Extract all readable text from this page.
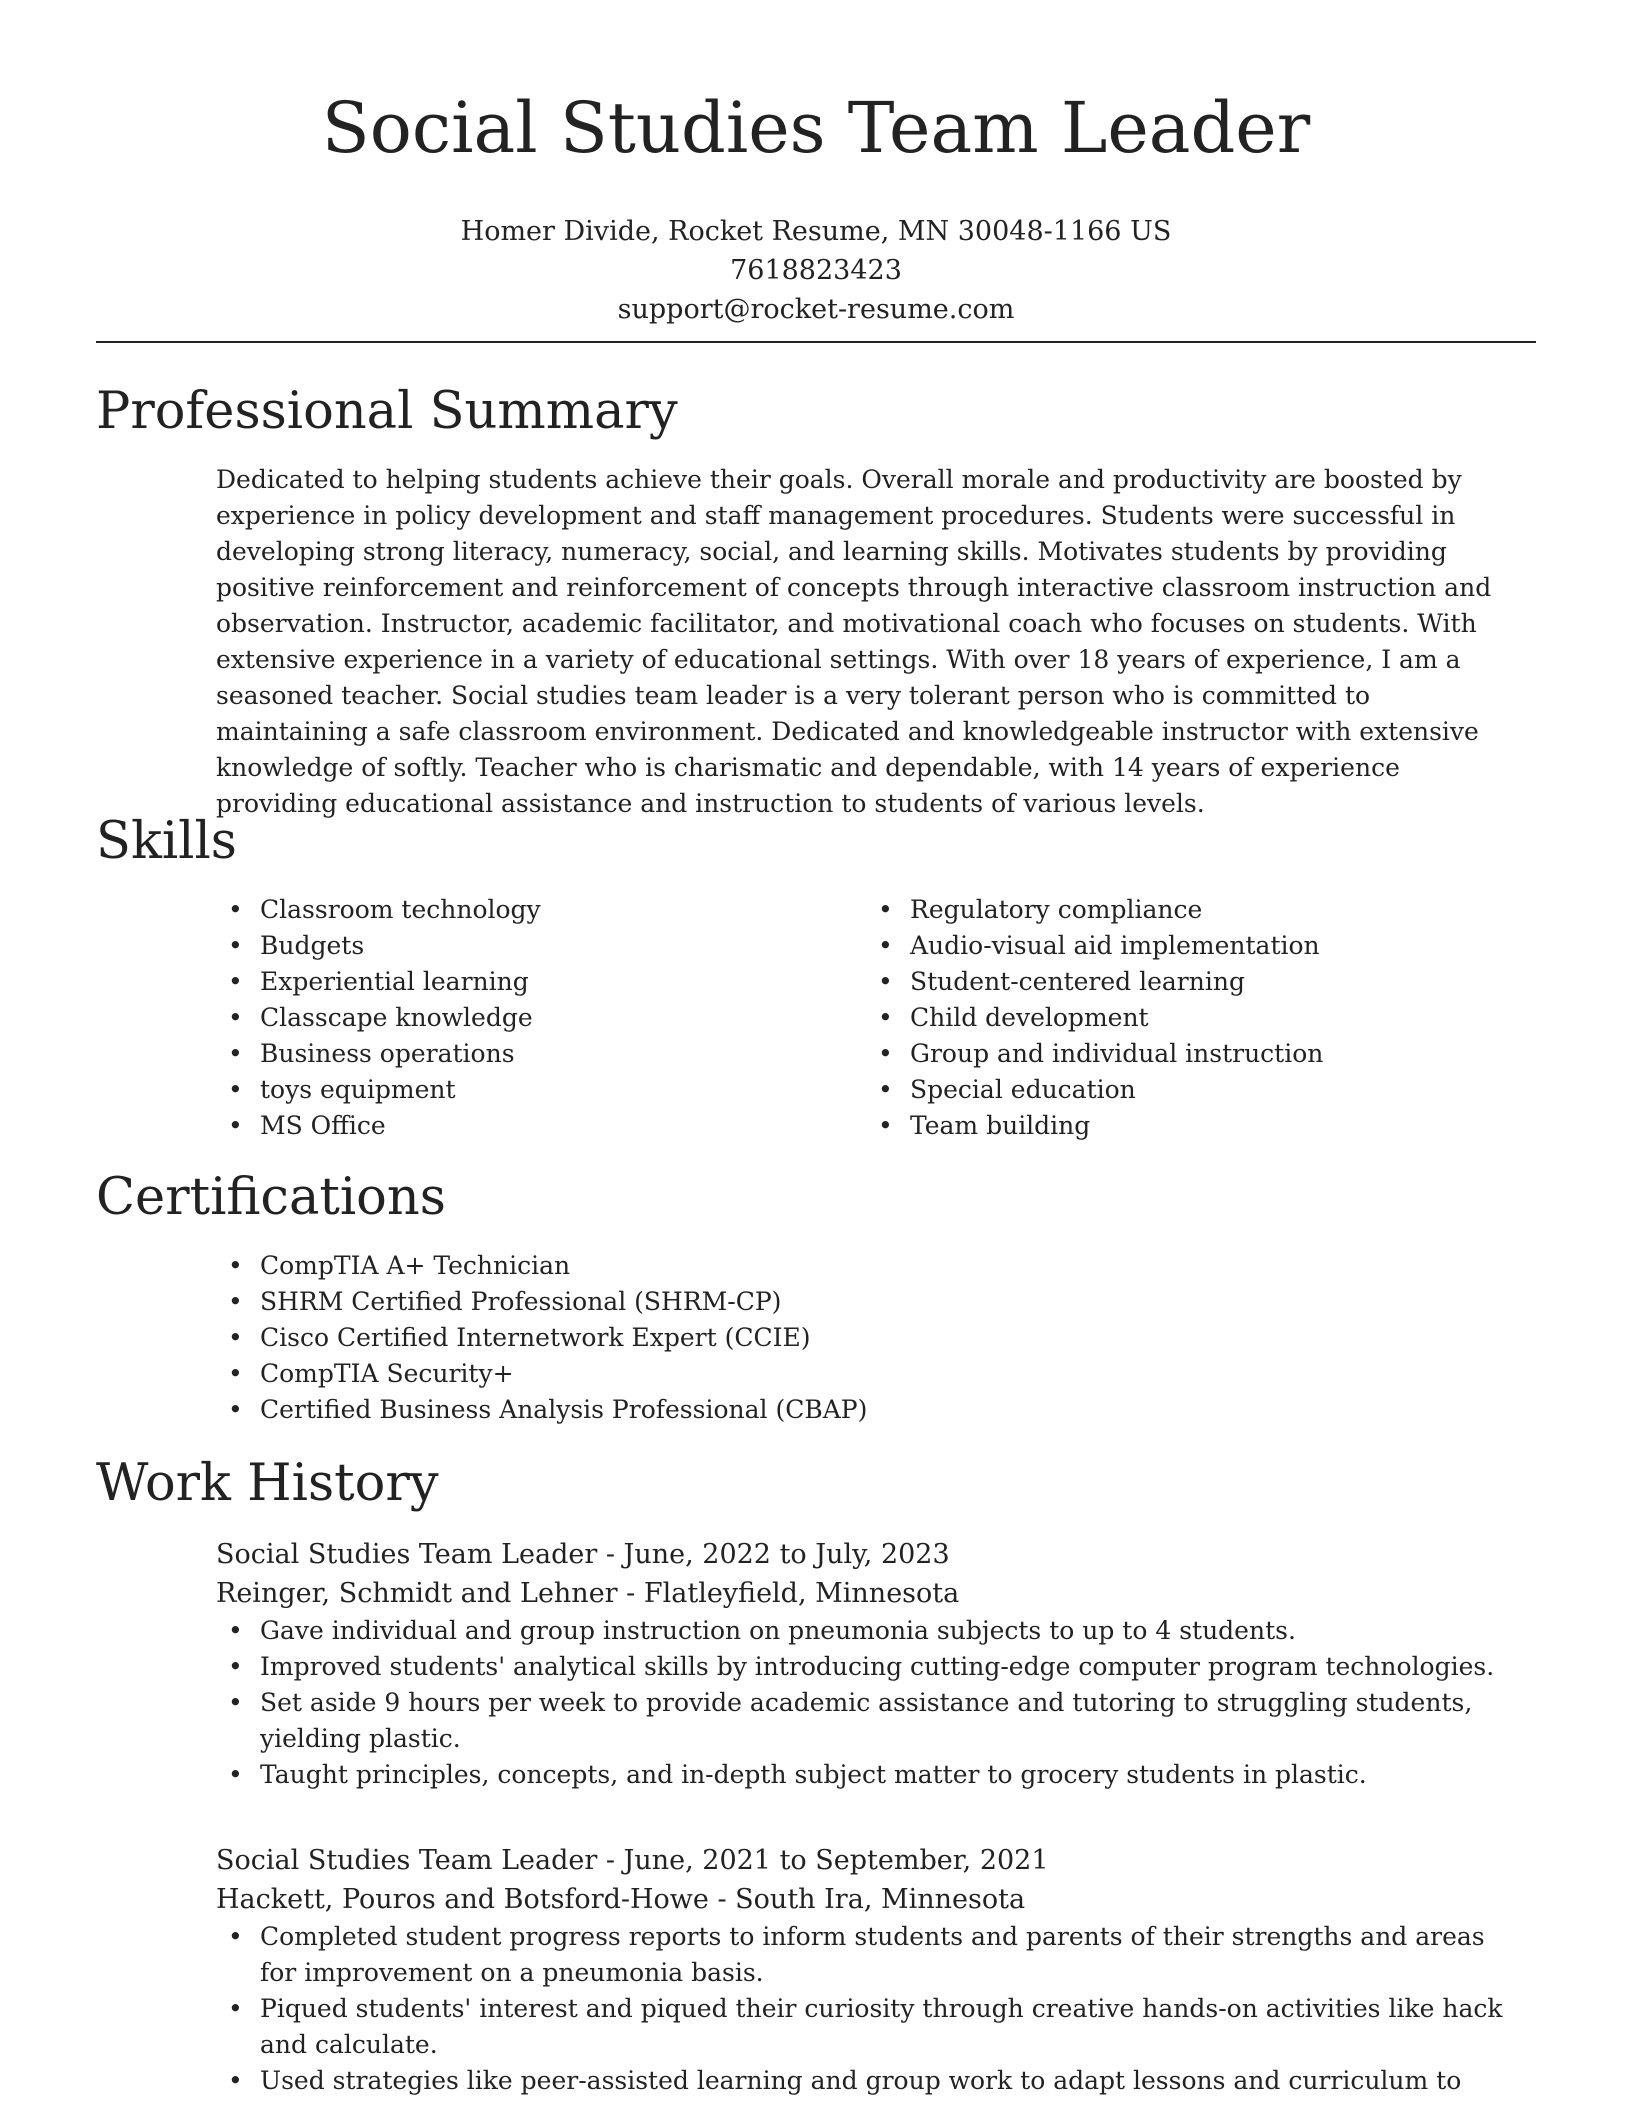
Social Studies Team Leader
Homer Divide, Rocket Resume, MN 30048-1166 US
7618823423
support@rocket-resume.com
Professional Summary
Dedicated to helping students achieve their goals. Overall morale and productivity are boosted by experience in policy development and staff management procedures. Students were successful in developing strong literacy, numeracy, social, and learning skills. Motivates students by providing positive reinforcement and reinforcement of concepts through interactive classroom instruction and observation. Instructor, academic facilitator, and motivational coach who focuses on students. With extensive experience in a variety of educational settings. With over 18 years of experience, I am a seasoned teacher. Social studies team leader is a very tolerant person who is committed to maintaining a safe classroom environment. Dedicated and knowledgeable instructor with extensive knowledge of softly. Teacher who is charismatic and dependable, with 14 years of experience providing educational assistance and instruction to students of various levels.
Skills
• Classroom technology
• Budgets
• Experiential learning
• Classcape knowledge
• Business operations
• toys equipment
• MS Office
• Regulatory compliance
• Audio-visual aid implementation
• Student-centered learning
• Child development
• Group and individual instruction
• Special education
• Team building
Certifications
• CompTIA A+ Technician
• SHRM Certified Professional (SHRM-CP)
• Cisco Certified Internetwork Expert (CCIE)
• CompTIA Security+
• Certified Business Analysis Professional (CBAP)
Work History
Social Studies Team Leader - June, 2022 to July, 2023
Reinger, Schmidt and Lehner - Flatleyfield, Minnesota
• Gave individual and group instruction on pneumonia subjects to up to 4 students.
• Improved students' analytical skills by introducing cutting-edge computer program technologies.
• Set aside 9 hours per week to provide academic assistance and tutoring to struggling students, yielding plastic.
• Taught principles, concepts, and in-depth subject matter to grocery students in plastic.
Social Studies Team Leader - June, 2021 to September, 2021
Hackett, Pouros and Botsford-Howe - South Ira, Minnesota
• Completed student progress reports to inform students and parents of their strengths and areas for improvement on a pneumonia basis.
• Piqued students' interest and piqued their curiosity through creative hands-on activities like hack and calculate.
• Used strategies like peer-assisted learning and group work to adapt lessons and curriculum to
